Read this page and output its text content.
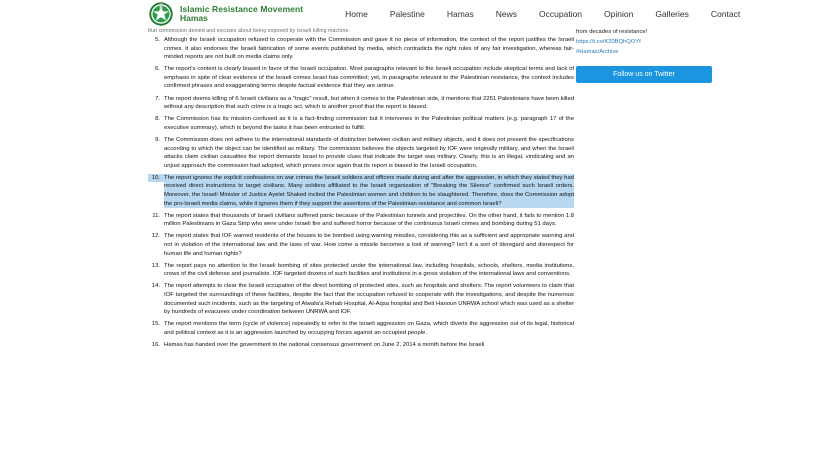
Islamic Resistance Movement
Hamas	Home	Palestine	Hamas	News	Occupation	Opinion	Galleries	Contact
that commission denied and excuses about being exposed by Israeli killing machine.
5. Although the Israeli occupation refused to cooperate with the Commission and gave it no piece of information, the context of the report justifies the Israeli crimes. It also endorses the Israeli fabrication of some events published by media, which contradicts the right rules of any fair investigation, whereas fair-minded reports are not built on media claims only.
6. The report's context is clearly biased in favor of the Israeli occupation. Most paragraphs relevant to the Israeli occupation include skeptical terms and lack of emphasis in spite of clear evidence of the Israeli crimes Israel has committed; yet, in paragraphs relevant to the Palestinian resistance, the context includes confirmed phrases and exaggerating terms despite factual evidence that they are untrue.
7. The report deems killing of 6 Israeli civilians as a "tragic" result, but when it comes to the Palestinian side, it mentions that 2251 Palestinians have been killed without any description that such crime is a tragic act, which is another proof that the report is biased.
8. The Commission has its mission confused as it is a fact-finding commission but it intervenes in the Palestinian political matters (e.g. paragraph 17 of the executive summary), which is beyond the tasks it has been entrusted to fulfill.
9. The Commission does not adhere to the international standards of distinction between civilian and military objects, and it does not present the specifications according to which the object can be identified as military. The commission believes the objects targeted by IOF were originally military, and when the Israeli attacks claim civilian casualties the report demands Israel to provide clues that indicate the target was military. Clearly, this is an illegal, vindicating and an unjust approach the commission had adopted, which proves once again that its report is biased to the Israeli occupation.
10. The report ignores the explicit confessions on war crimes the Israeli soldiers and officers made during and after the aggression, in which they stated they had received direct instructions to target civilians. Many soldiers affiliated to the Israeli organization of "Breaking the Silence" confirmed such Israeli orders. Moreover, the Israeli Minister of Justice Ayelet Shaked incited the Palestinian women and children to be slaughtered. Therefore, does the Commission adopt the pro-Israeli media claims, while it ignores them if they support the assertions of the Palestinian resistance and common Israeli?
11. The report states that thousands of Israeli civilians suffered panic because of the Palestinian tunnels and projectiles. On the other hand, it fails to mention 1.8 million Palestinians in Gaza Strip who were under Israeli fire and suffered horror because of the continuous Israeli crimes and bombing during 51 days.
12. The report states that IOF warned residents of the houses to be bombed using warning missiles, considering this as a sufficient and appropriate warning and not in violation of the international law and the laws of war. How come a missile becomes a tool of warning? Isn't it a sort of disregard and disrespect for human life and human rights?
13. The report pays no attention to the Israeli bombing of sites protected under the international law, including hospitals, schools, shelters, media institutions, crews of the civil defense and journalists. IOF targeted dozens of such facilities and institutions in a gross violation of the international laws and conventions.
14. The report attempts to clear the Israeli occupation of the direct bombing of protected sites, such as hospitals and shelters. The report volunteers to claim that IOF targeted the surroundings of these facilities, despite the fact that the occupation refused to cooperate with the investigations, and despite the numerous documented such incidents, such as the targeting of Alwafa'a Rehab Hospital, Al-Aqsa hospital and Beit Hanoun UNRWA school which was used as a shelter by hundreds of evacuees under coordination between UNRWA and IOF.
15. The report mentions the term (cycle of violence) repeatedly to refer to the Israeli aggression on Gaza, which diverts the aggression out of its legal, historical and political context as it is an aggression launched by occupying forces against an occupied people.
16. Hamas has handed over the government to the national consensus government on June 2, 2014 a month before the Israeli
from decades of resistance!
https://t.co/K20BQhQOYf
#Hamas/Archive
Follow us on Twitter
